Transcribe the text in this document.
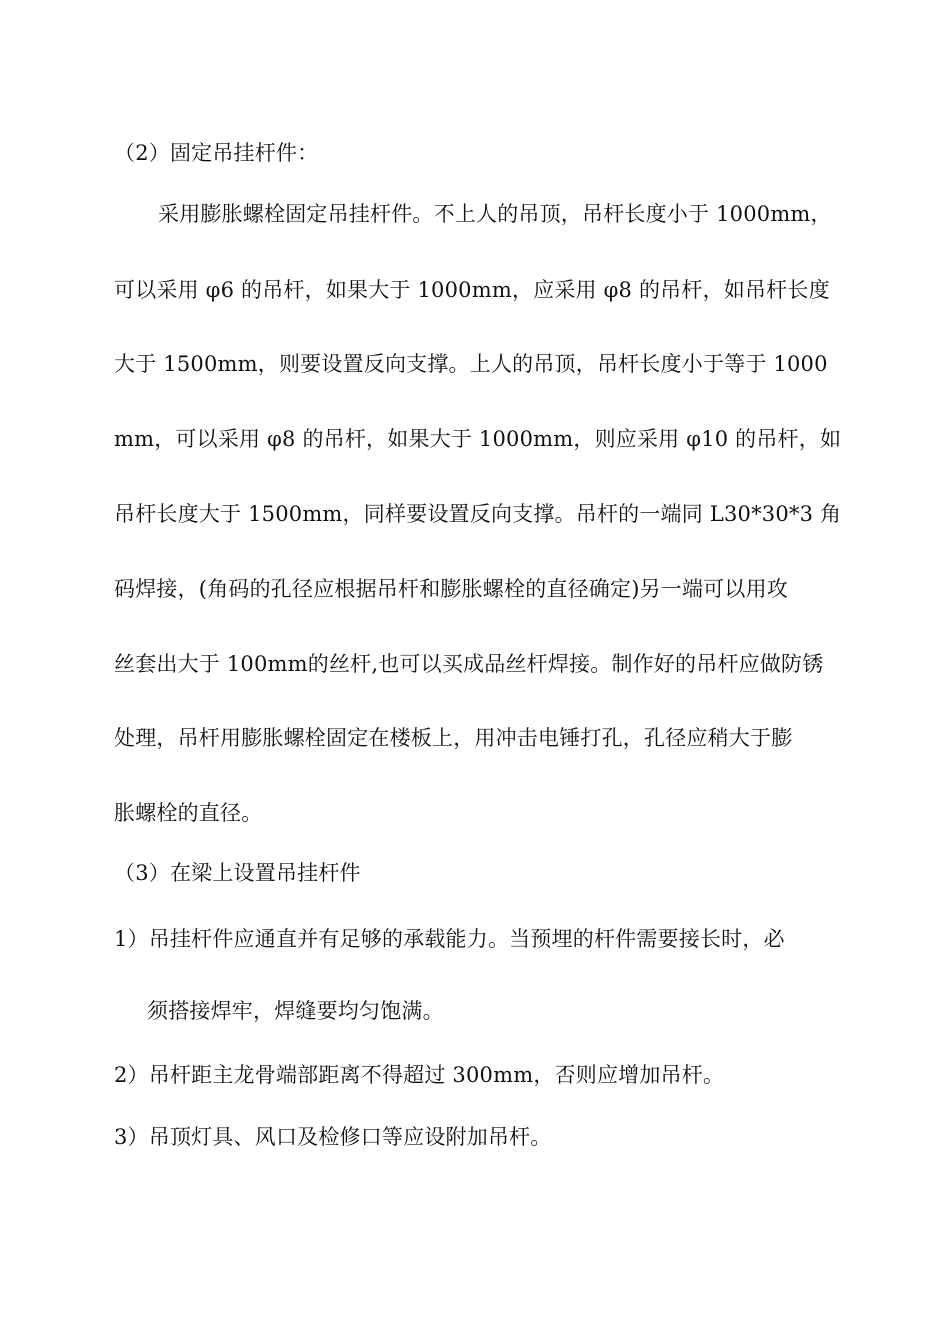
（2）固定吊挂杆件：
采用膨胀螺栓固定吊挂杆件。不上人的吊顶，吊杆长度小于 1000mm，
可以采用 φ6 的吊杆，如果大于 1000mm，应采用 φ8 的吊杆，如吊杆长度
大于 1500mm，则要设置反向支撑。上人的吊顶，吊杆长度小于等于 1000
mm，可以采用 φ8 的吊杆，如果大于 1000mm，则应采用 φ10 的吊杆，如
吊杆长度大于 1500mm，同样要设置反向支撑。吊杆的一端同 L30*30*3 角
码焊接，(角码的孔径应根据吊杆和膨胀螺栓的直径确定)另一端可以用攻
丝套出大于 100mm的丝杆,也可以买成品丝杆焊接。制作好的吊杆应做防锈
处理，吊杆用膨胀螺栓固定在楼板上，用冲击电锤打孔，孔径应稍大于膨
胀螺栓的直径。
（3）在梁上设置吊挂杆件
1）吊挂杆件应通直并有足够的承载能力。当预埋的杆件需要接长时，必
须搭接焊牢，焊缝要均匀饱满。
2）吊杆距主龙骨端部距离不得超过 300mm，否则应增加吊杆。
3）吊顶灯具、风口及检修口等应设附加吊杆。
